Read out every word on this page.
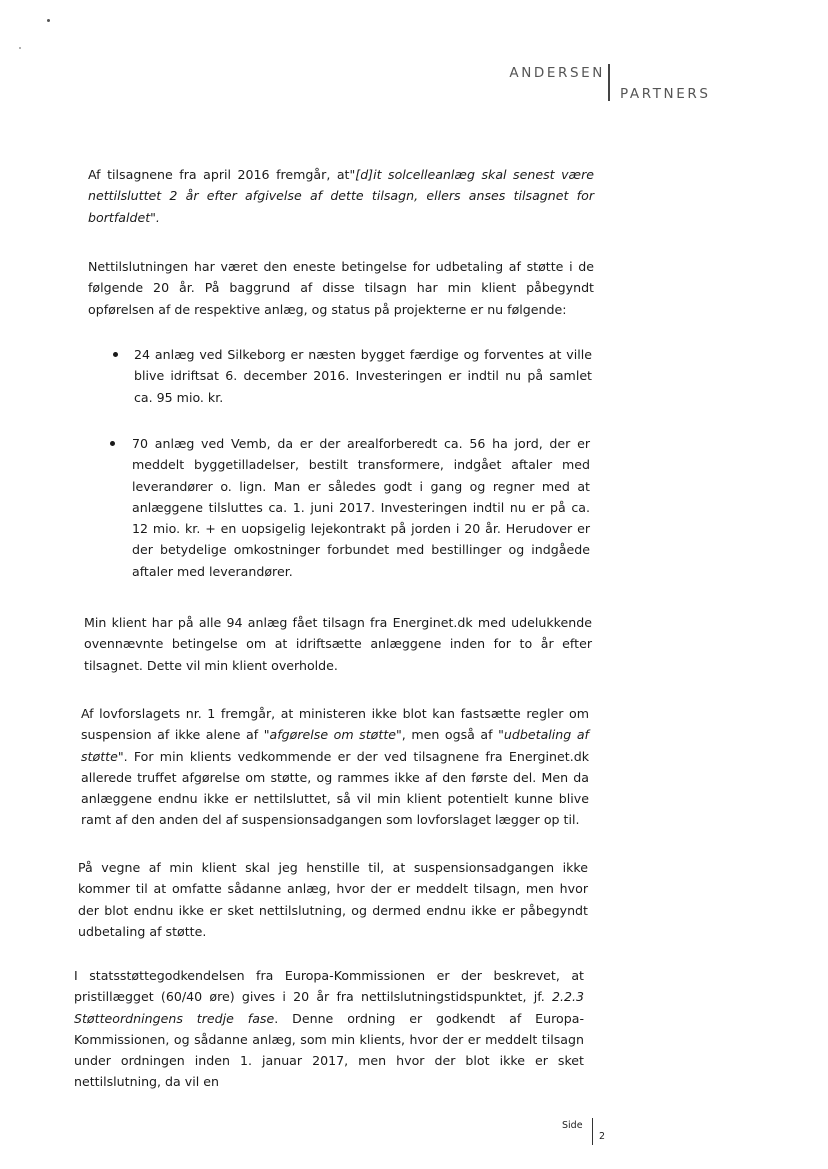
ANDERSEN
PARTNERS
Af tilsagnene fra april 2016 fremgår, at"[d]it solcelleanlæg skal senest være nettilsluttet 2 år efter afgivelse af dette tilsagn, ellers anses tilsagnet for bortfaldet".
Nettilslutningen har været den eneste betingelse for udbetaling af støtte i de følgende 20 år. På baggrund af disse tilsagn har min klient påbegyndt opførelsen af de respektive anlæg, og status på projekterne er nu følgende:
24 anlæg ved Silkeborg er næsten bygget færdige og forventes at ville blive idriftsat 6. december 2016. Investeringen er indtil nu på samlet ca. 95 mio. kr.
70 anlæg ved Vemb, da er der arealforberedt ca. 56 ha jord, der er meddelt byggetilladelser, bestilt transformere, indgået aftaler med leverandører o. lign. Man er således godt i gang og regner med at anlæggene tilsluttes ca. 1. juni 2017. Investeringen indtil nu er på ca. 12 mio. kr. + en uopsigelig lejekontrakt på jorden i 20 år. Herudover er der betydelige omkostninger forbundet med bestillinger og indgåede aftaler med leverandører.
Min klient har på alle 94 anlæg fået tilsagn fra Energinet.dk med udelukkende ovennævnte betingelse om at idriftsætte anlæggene inden for to år efter tilsagnet. Dette vil min klient overholde.
Af lovforslagets nr. 1 fremgår, at ministeren ikke blot kan fastsætte regler om suspension af ikke alene af "afgørelse om støtte", men også af "udbetaling af støtte". For min klients vedkommende er der ved tilsagnene fra Energinet.dk allerede truffet afgørelse om støtte, og rammes ikke af den første del. Men da anlæggene endnu ikke er nettilsluttet, så vil min klient potentielt kunne blive ramt af den anden del af suspensionsadgangen som lovforslaget lægger op til.
På vegne af min klient skal jeg henstille til, at suspensionsadgangen ikke kommer til at omfatte sådanne anlæg, hvor der er meddelt tilsagn, men hvor der blot endnu ikke er sket nettilslutning, og dermed endnu ikke er påbegyndt udbetaling af støtte.
I statsstøttegodkendelsen fra Europa-Kommissionen er der beskrevet, at pristillægget (60/40 øre) gives i 20 år fra nettilslutningstidspunktet, jf. 2.2.3 Støtteordningens tredje fase. Denne ordning er godkendt af Europa-Kommissionen, og sådanne anlæg, som min klients, hvor der er meddelt tilsagn under ordningen inden 1. januar 2017, men hvor der blot ikke er sket nettilslutning, da vil en
Side
2
